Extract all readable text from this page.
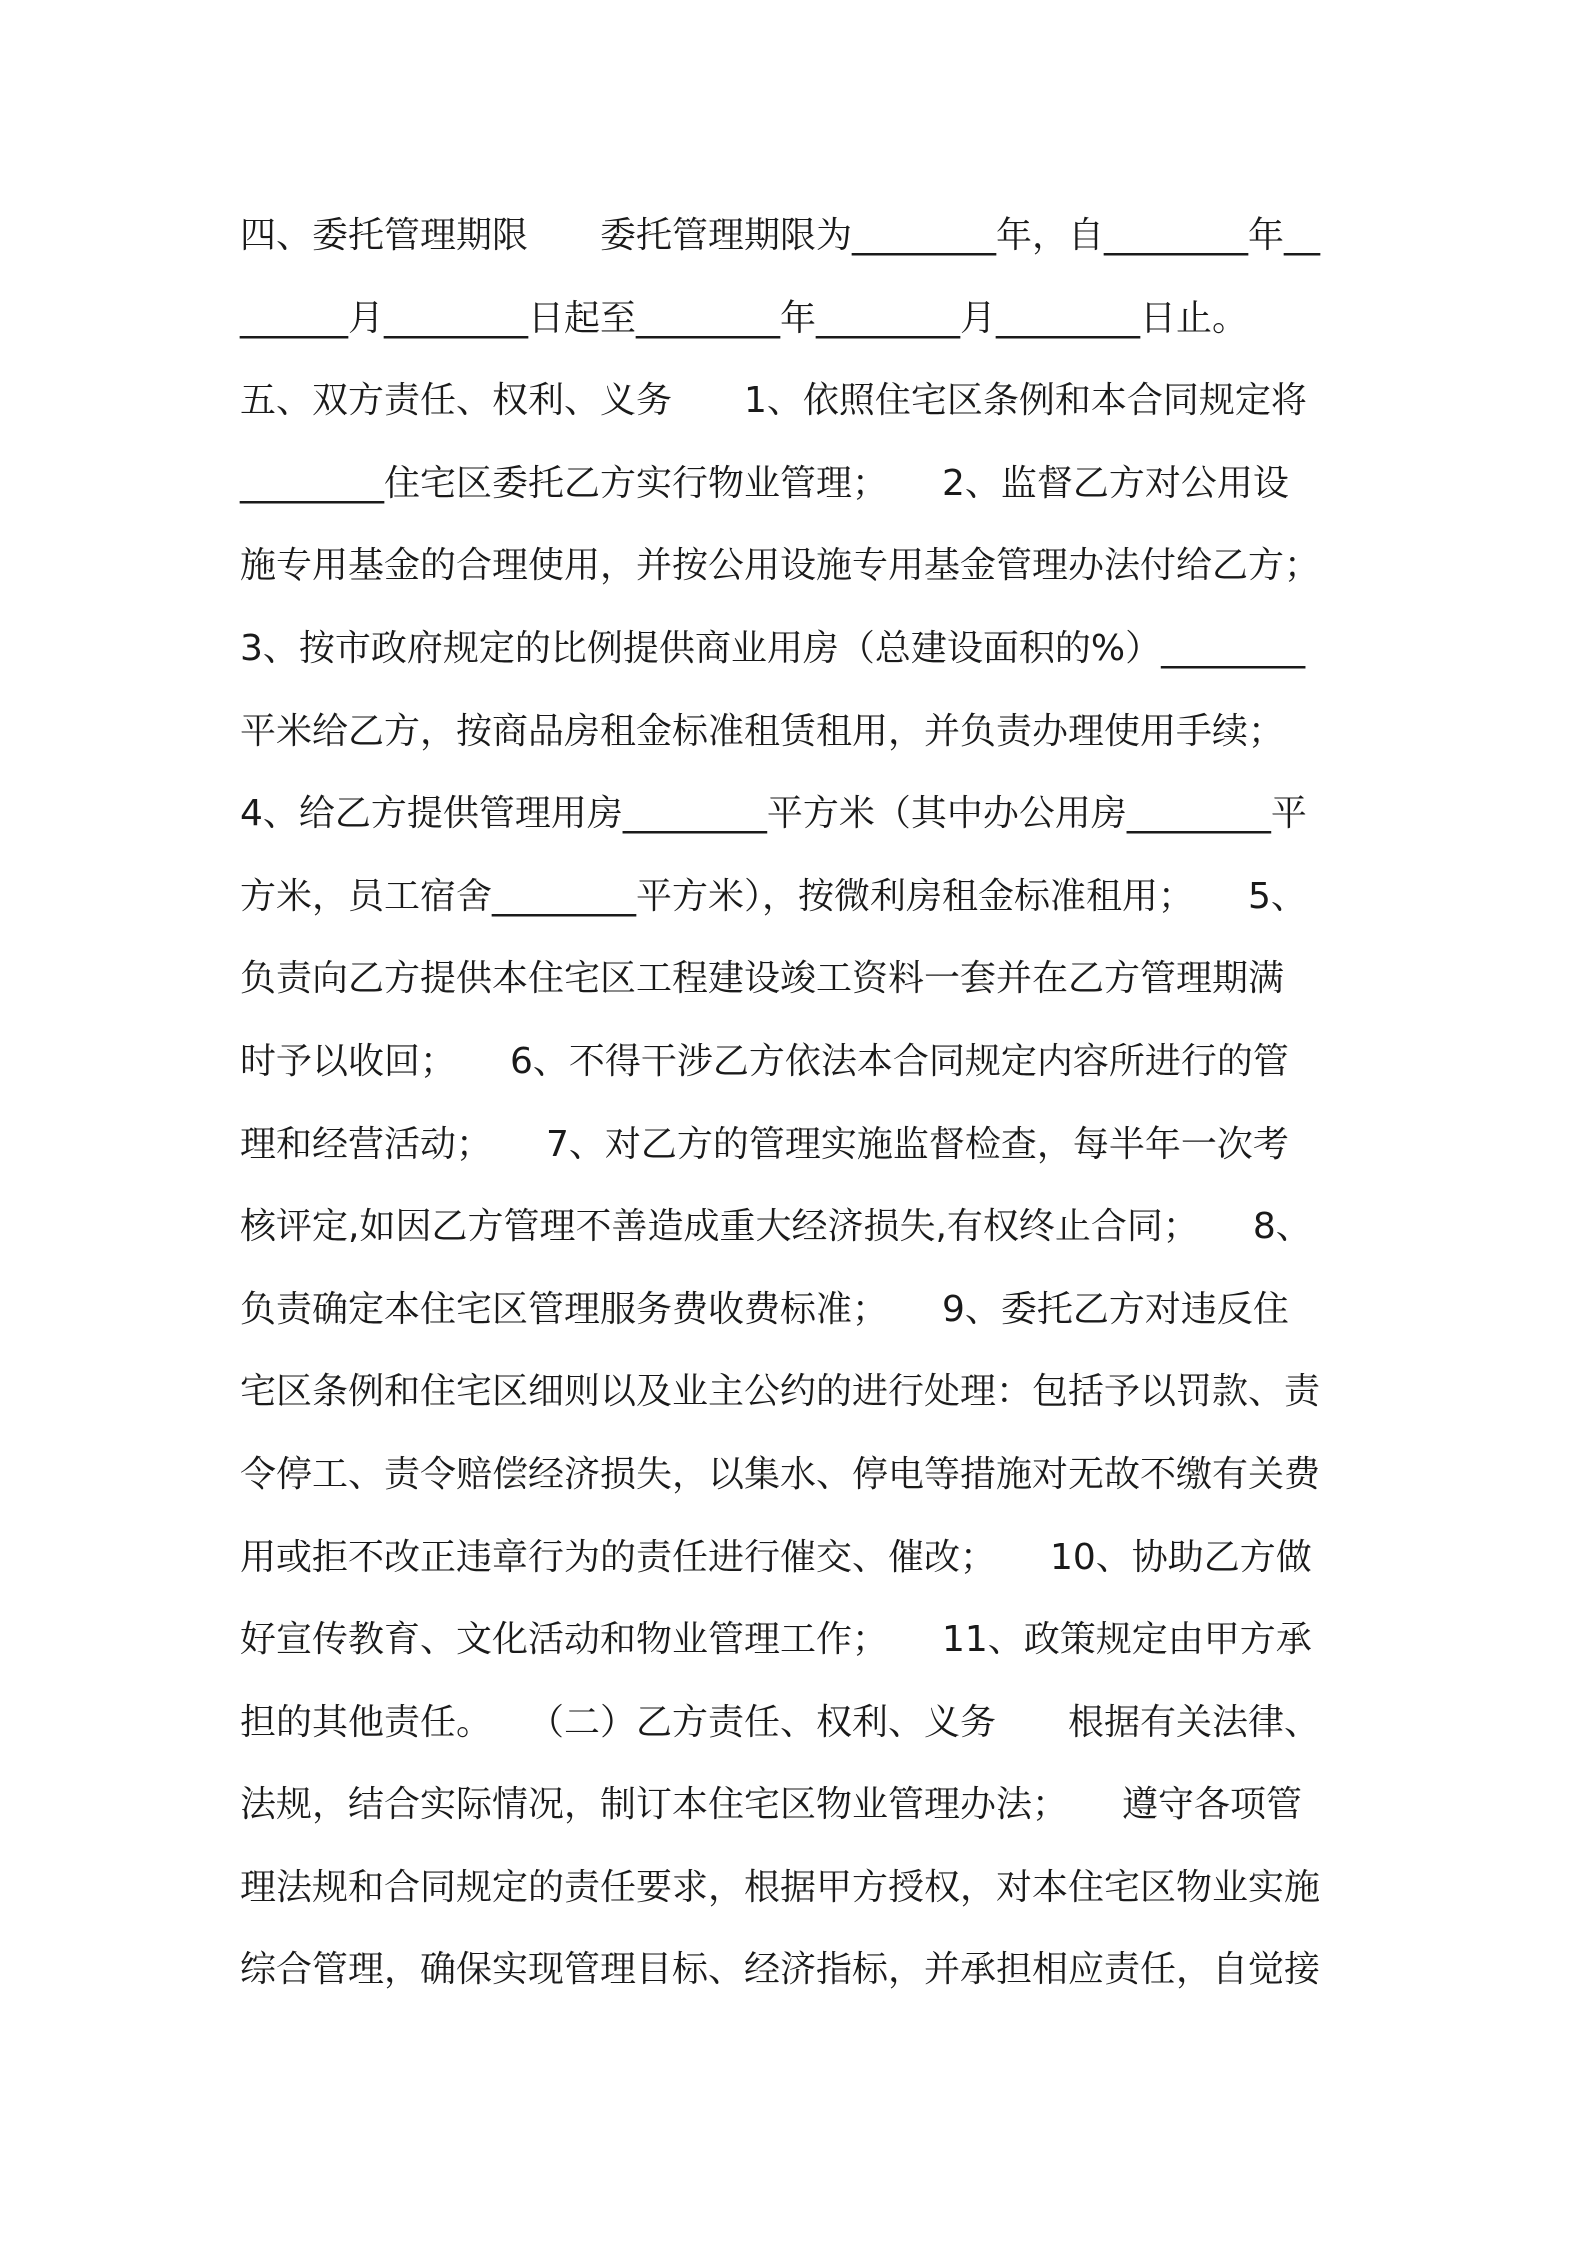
四、委托管理期限　　委托管理期限为________年，自________年__
______月________日起至________年________月________日止。
五、双方责任、权利、义务　　1、依照住宅区条例和本合同规定将
________住宅区委托乙方实行物业管理；　　2、监督乙方对公用设
施专用基金的合理使用，并按公用设施专用基金管理办法付给乙方；
3、按市政府规定的比例提供商业用房（总建设面积的%）________
平米给乙方，按商品房租金标准租赁租用，并负责办理使用手续；
4、给乙方提供管理用房________平方米（其中办公用房________平
方米，员工宿舍________平方米），按微利房租金标准租用；　　5、
负责向乙方提供本住宅区工程建设竣工资料一套并在乙方管理期满
时予以收回；　　6、不得干涉乙方依法本合同规定内容所进行的管
理和经营活动；　　7、对乙方的管理实施监督检查，每半年一次考
核评定,如因乙方管理不善造成重大经济损失,有权终止合同；　　8、
负责确定本住宅区管理服务费收费标准；　　9、委托乙方对违反住
宅区条例和住宅区细则以及业主公约的进行处理：包括予以罚款、责
令停工、责令赔偿经济损失，以集水、停电等措施对无故不缴有关费
用或拒不改正违章行为的责任进行催交、催改；　　10、协助乙方做
好宣传教育、文化活动和物业管理工作；　　11、政策规定由甲方承
担的其他责任。　　（二）乙方责任、权利、义务　　根据有关法律、
法规，结合实际情况，制订本住宅区物业管理办法；　　遵守各项管
理法规和合同规定的责任要求，根据甲方授权，对本住宅区物业实施
综合管理，确保实现管理目标、经济指标，并承担相应责任，自觉接
